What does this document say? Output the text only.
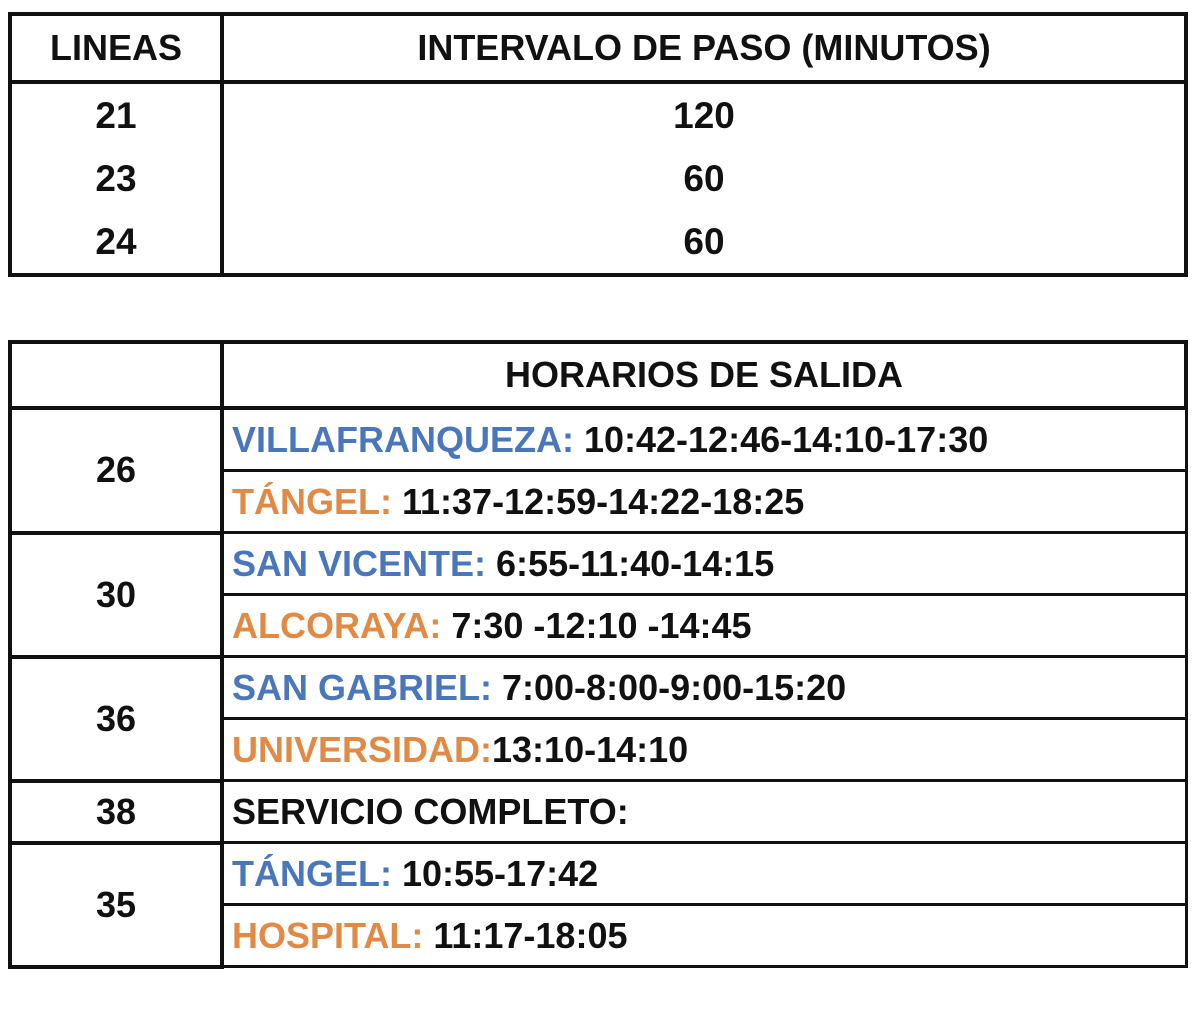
LINEAS	INTERVALO DE PASO (MINUTOS)
21	120
23	60
24	60
	HORARIOS DE SALIDA
26	VILLAFRANQUEZA: 10:42-12:46-14:10-17:30
	TÁNGEL: 11:37-12:59-14:22-18:25
30	SAN VICENTE: 6:55-11:40-14:15
	ALCORAYA: 7:30 -12:10 -14:45
36	SAN GABRIEL: 7:00-8:00-9:00-15:20
	UNIVERSIDAD:13:10-14:10
38	SERVICIO COMPLETO:
35	TÁNGEL: 10:55-17:42
	HOSPITAL: 11:17-18:05
